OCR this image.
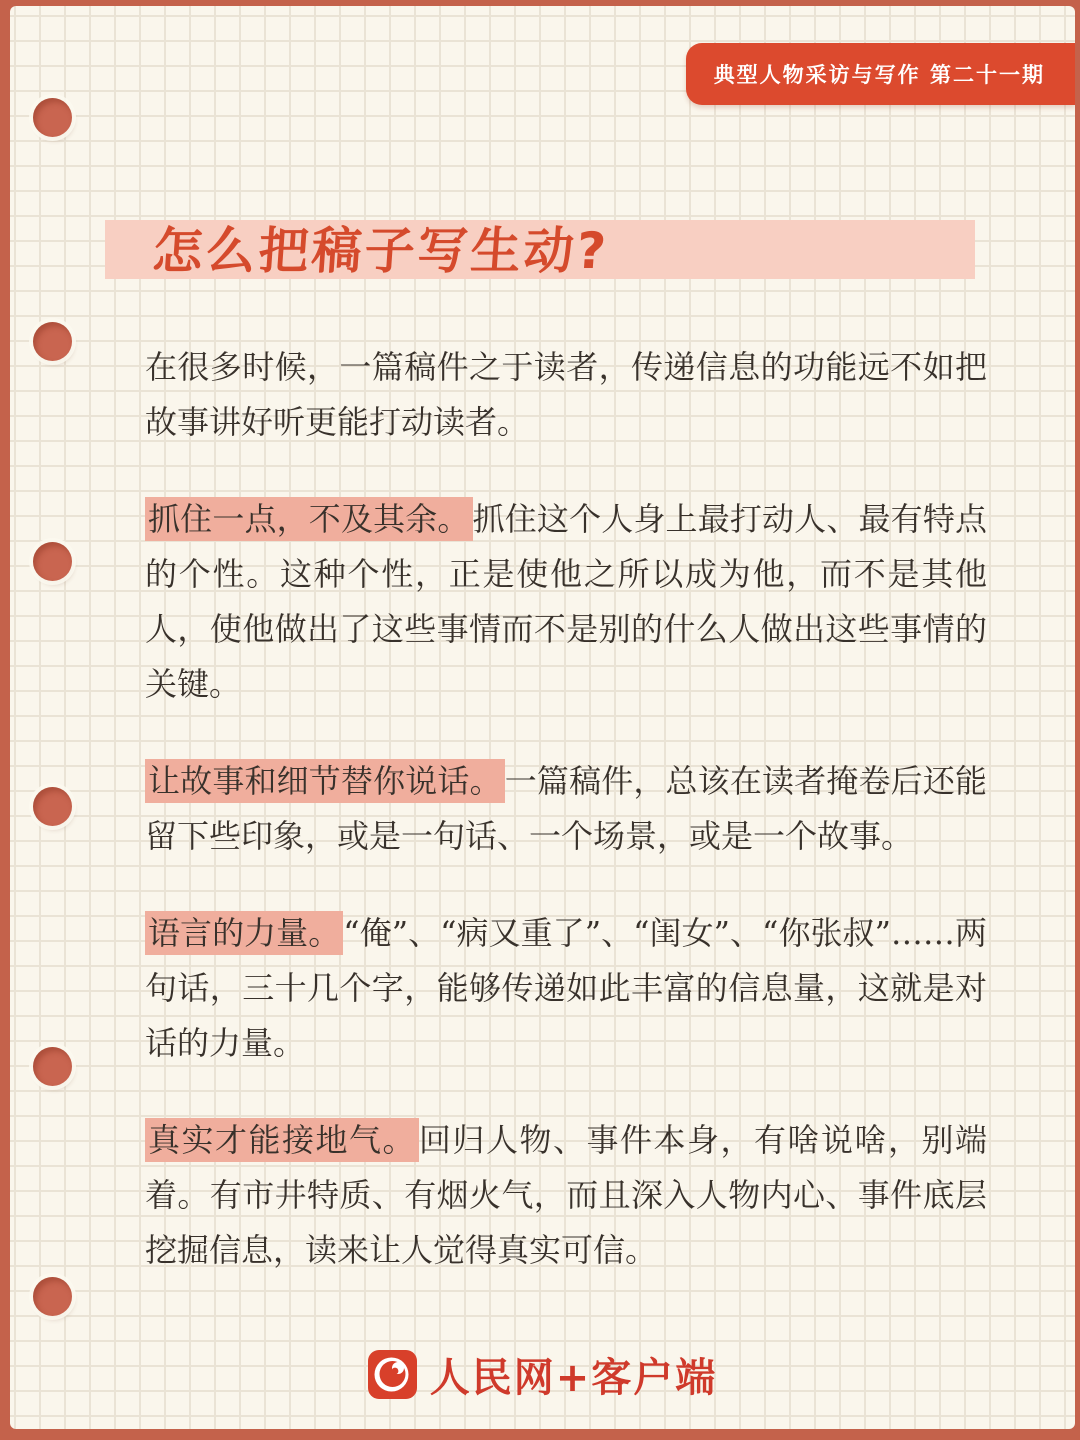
典型人物采访与写作 第二十一期
怎么把稿子写生动?

在很多时候，一篇稿件之于读者，传递信息的功能远不如把故事讲好听更能打动读者。

抓住一点，不及其余。抓住这个人身上最打动人、最有特点的个性。这种个性，正是使他之所以成为他，而不是其他人，使他做出了这些事情而不是别的什么人做出这些事情的关键。

让故事和细节替你说话。一篇稿件，总该在读者掩卷后还能留下些印象，或是一句话、一个场景，或是一个故事。

语言的力量。“俺”、“病又重了”、“闺女”、“你张叔”……两句话，三十几个字，能够传递如此丰富的信息量，这就是对话的力量。

真实才能接地气。回归人物、事件本身，有啥说啥，别端着。有市井特质、有烟火气，而且深入人物内心、事件底层挖掘信息，读来让人觉得真实可信。

人民网+客户端
